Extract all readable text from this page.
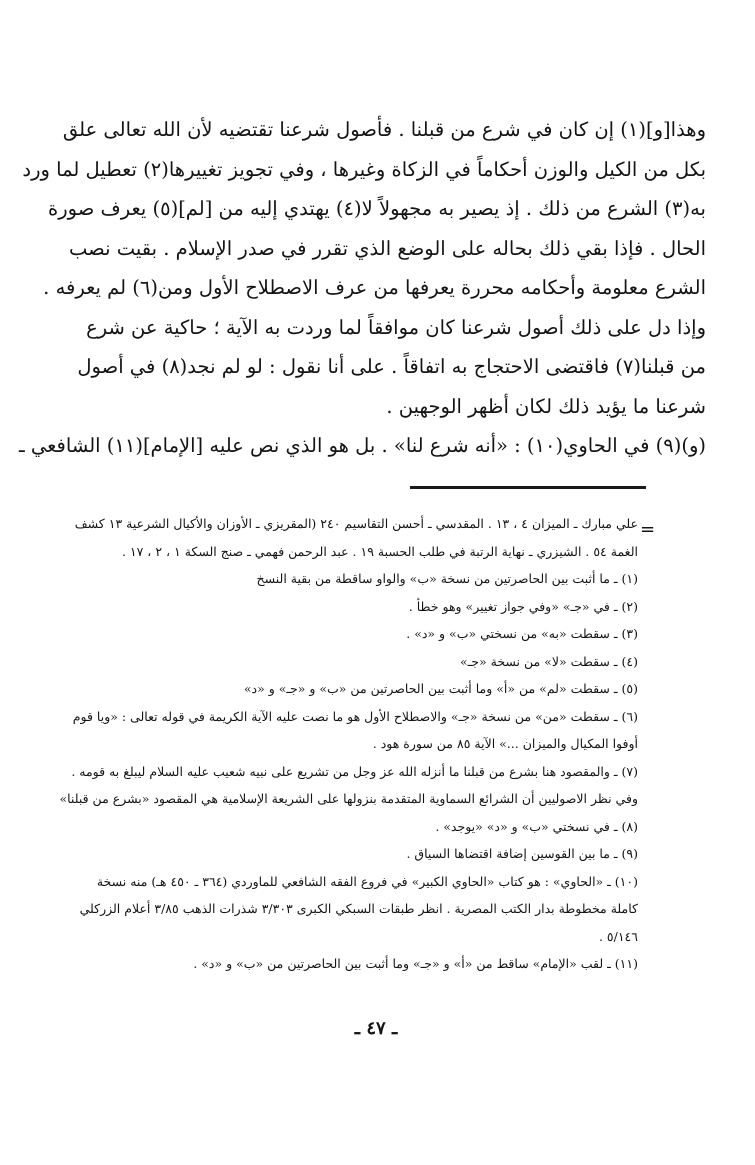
وهذا[و](١) إن كان في شرع من قبلنا . فأصول شرعنا تقتضيه لأن الله تعالى علق
بكل من الكيل والوزن أحكاماً في الزكاة وغيرها ، وفي تجويز تغييرها(٢) تعطيل لما ورد
به(٣) الشرع من ذلك . إذ يصير به مجهولاً لا(٤) يهتدي إليه من [لم](٥) يعرف صورة
الحال . فإذا بقي ذلك بحاله على الوضع الذي تقرر في صدر الإسلام . بقيت نصب
الشرع معلومة وأحكامه محررة يعرفها من عرف الاصطلاح الأول ومن(٦) لم يعرفه .
وإذا دل على ذلك أصول شرعنا كان موافقاً لما وردت به الآية ؛ حاكية عن شرع
من قبلنا(٧) فاقتضى الاحتجاج به اتفاقاً . على أنا نقول : لو لم نجد(٨) في أصول
شرعنا ما يؤيد ذلك لكان أظهر الوجهين .
(و)(٩) في الحاوي(١٠) : «أنه شرع لنا» . بل هو الذي نص عليه [الإمام](١١) الشافعي ـ
=
علي مبارك ـ الميزان ٤ ، ١٣ . المقدسي ـ أحسن التقاسيم ٢٤٠ (المقريزي ـ الأوزان والأكيال الشرعية ١٣ كشف
الغمة ٥٤ . الشيزري ـ نهاية الرتبة في طلب الحسبة ١٩ . عبد الرحمن فهمي ـ صنج السكة ١ ، ٢ ، ١٧ .
(١) ـ ما أثبت بين الحاصرتين من نسخة «ب» والواو ساقطة من بقية النسخ
(٢) ـ في «جـ» «وفي جواز تغيير» وهو خطأ .
(٣) ـ سقطت «به» من نسختي «ب» و «د» .
(٤) ـ سقطت «لا» من نسخة «جـ»
(٥) ـ سقطت «لم» من «أ» وما أثبت بين الحاصرتين من «ب» و «جـ» و «د»
(٦) ـ سقطت «من» من نسخة «جـ» والاصطلاح الأول هو ما نصت عليه الآية الكريمة في قوله تعالى : «ويا قوم
أوفوا المكيال والميزان ...» الآية ٨٥ من سورة هود .
(٧) ـ والمقصود هنا بشرع من قبلنا ما أنزله الله عز وجل من تشريع على نبيه شعيب عليه السلام ليبلغ به قومه .
وفي نظر الاصوليين أن الشرائع السماوية المتقدمة بنزولها على الشريعة الإسلامية هي المقصود «بشرع من قبلنا»
(٨) ـ في نسختي «ب» و «د» «يوجد» .
(٩) ـ ما بين القوسين إضافة اقتضاها السياق .
(١٠) ـ «الحاوي» : هو كتاب «الحاوي الكبير» في فروع الفقه الشافعي للماوردي (٣٦٤ ـ ٤٥٠ هـ) منه نسخة
كاملة مخطوطة بدار الكتب المصرية . انظر طبقات السبكي الكبرى ٣/٣٠٣ شذرات الذهب ٣/٨٥ أعلام الزركلي
٥/١٤٦ .
(١١) ـ لقب «الإمام» ساقط من «أ» و «جـ» وما أثبت بين الحاصرتين من «ب» و «د» .
ـ ٤٧ ـ
